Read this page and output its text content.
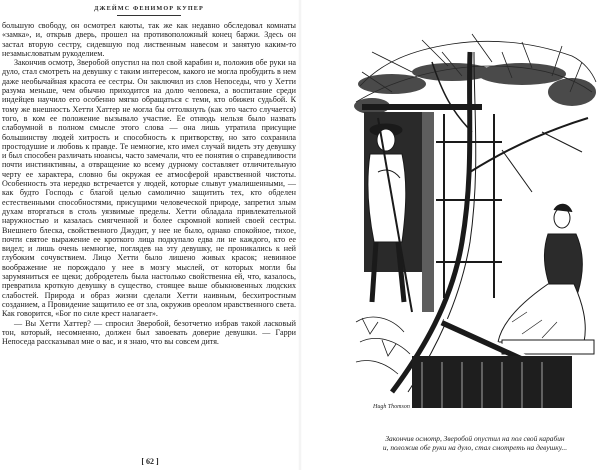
ДЖЕЙМС ФЕНИМОР КУПЕР

большую свободу, он осмотрел каюты, так же как недавно обследовал комнаты «замка», и, открыв дверь, прошел на противоположный конец баржи. Здесь он застал вторую сестру, сидевшую под лиственным навесом и занятую каким-то незамысловатым рукоделием.

Закончив осмотр, Зверобой опустил на пол свой карабин и, положив обе руки на дуло, стал смотреть на девушку с таким интересом, какого не могла пробудить в нем даже необычайная красота ее сестры. Он заключил из слов Непоседы, что у Хетти разума меньше, чем обычно приходится на долю человека, а воспитание среди индейцев научило его особенно мягко обращаться с теми, кто обижен судьбой. К тому же внешность Хетти Хаттер не могла бы оттолкнуть (как это часто случается) того, в ком ее положение вызывало участие. Ее отнюдь нельзя было назвать слабоумной в полном смысле этого слова — она лишь утратила присущие большинству людей хитрость и способность к притворству, но зато сохранила простодушие и любовь к правде. Те немногие, кто имел случай видеть эту девушку и был способен различать нюансы, часто замечали, что ее понятия о справедливости почти инстинктивны, а отвращение ко всему дурному составляет отличительную черту ее характера, словно бы окружая ее атмосферой нравственной чистоты. Особенность эта нередко встречается у людей, которые слывут умалишенными, — как будто Господь с благой целью самолично защитить тех, кто обделен естественными способностями, присущими человеческой природе, запретил злым духам вторгаться в столь уязвимые пределы. Хетти обладала привлекательной наружностью и казалась смягченной и более скромной копией своей сестры. Внешнего блеска, свойственного Джудит, у нее не было, однако спокойное, тихое, почти святое выражение ее кроткого лица подкупало едва ли не каждого, кто ее видел; и лишь очень немногие, поглядев на эту девушку, не проникались к ней глубоким сочувствием. Лицо Хетти было лишено живых красок; невинное воображение не порождало у нее в мозгу мыслей, от которых могли бы зарумяниться ее щеки; добродетель была настолько свойственна ей, что, казалось, превратила кроткую девушку в существо, стоящее выше обыкновенных людских слабостей. Природа и образ жизни сделали Хетти наивным, бесхитростным созданием, а Провидение защитило ее от зла, окружив ореолом нравственного света. Как говорится, «Бог по силе крест налагает».

— Вы Хетти Хаттер? — спросил Зверобой, безотчетно избрав такой ласковый тон, который, несомненно, должен был завоевать доверие девушки. — Гарри Непоседа рассказывал мне о вас, и я знаю, что вы совсем дитя.

[ 62 ]
Hugh Thomson
Закончив осмотр, Зверобой опустил на пол свой карабин
и, положив обе руки на дуло, стал смотреть на девушку...
